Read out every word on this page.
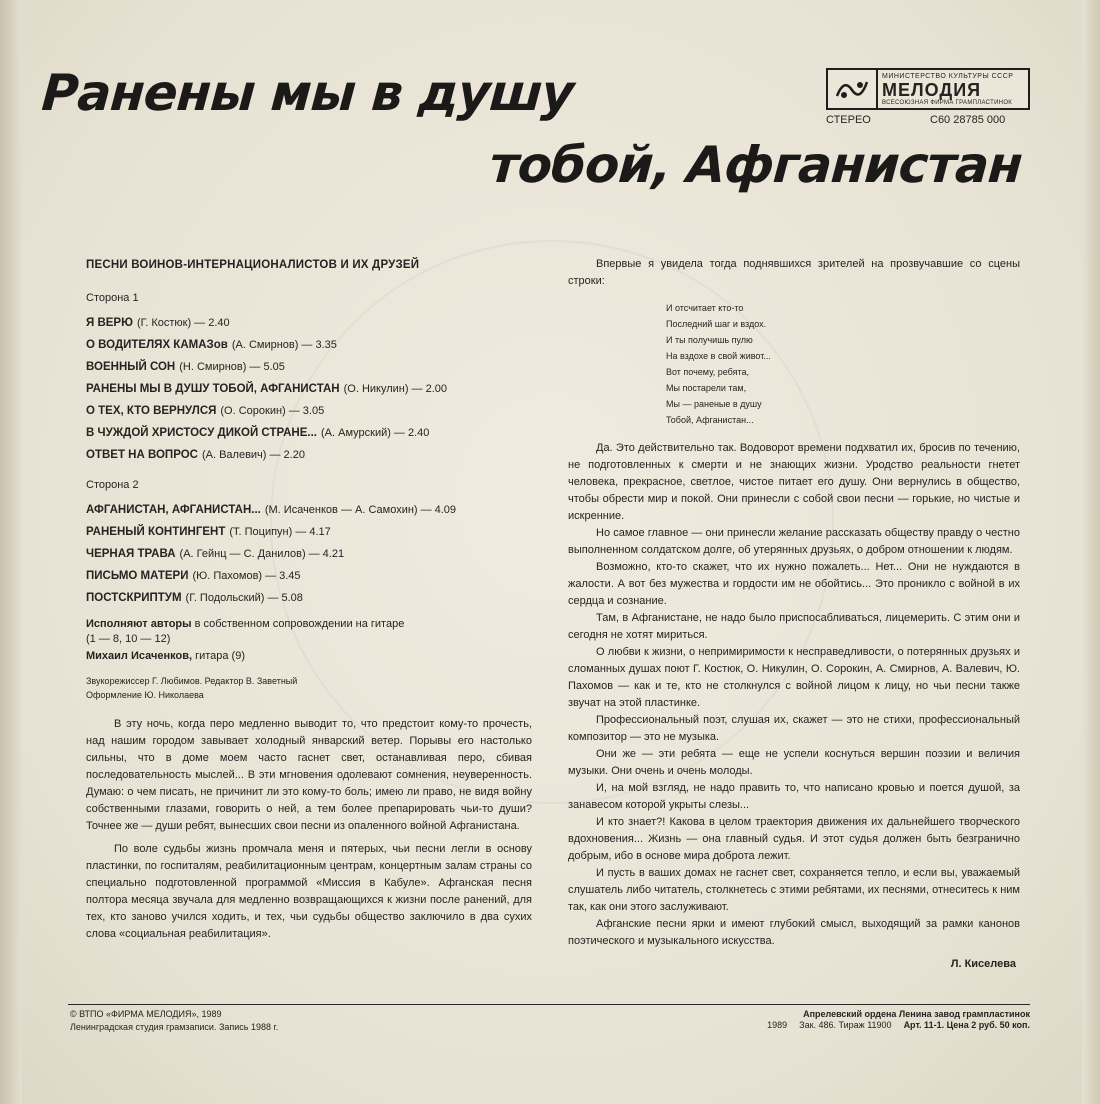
Ранены мы в душу
тобой, Афганистан
МИНИСТЕРСТВО КУЛЬТУРЫ СССР
МЕЛОДИЯ
ВСЕСОЮЗНАЯ ФИРМА ГРАМПЛАСТИНОК
СТЕРЕО	С60 28785 000
ПЕСНИ ВОИНОВ-ИНТЕРНАЦИОНАЛИСТОВ И ИХ ДРУЗЕЙ
Сторона 1
Я ВЕРЮ (Г. Костюк) — 2.40
О ВОДИТЕЛЯХ КАМАЗов (А. Смирнов) — 3.35
ВОЕННЫЙ СОН (Н. Смирнов) — 5.05
РАНЕНЫ МЫ В ДУШУ ТОБОЙ, АФГАНИСТАН (О. Никулин) — 2.00
О ТЕХ, КТО ВЕРНУЛСЯ (О. Сорокин) — 3.05
В ЧУЖДОЙ ХРИСТОСУ ДИКОЙ СТРАНЕ... (А. Амурский) — 2.40
ОТВЕТ НА ВОПРОС (А. Валевич) — 2.20
Сторона 2
АФГАНИСТАН, АФГАНИСТАН... (М. Исаченков — А. Самохин) — 4.09
РАНЕНЫЙ КОНТИНГЕНТ (Т. Поципун) — 4.17
ЧЕРНАЯ ТРАВА (А. Гейнц — С. Данилов) — 4.21
ПИСЬМО МАТЕРИ (Ю. Пахомов) — 3.45
ПОСТСКРИПТУМ (Г. Подольский) — 5.08
Исполняют авторы в собственном сопровождении на гитаре
(1 — 8, 10 — 12)
Михаил Исаченков, гитара (9)
Звукорежиссер Г. Любимов. Редактор В. Заветный
Оформление Ю. Николаева

В эту ночь, когда перо медленно выводит то, что предстоит кому-то прочесть, над нашим городом завывает холодный январский ветер. Порывы его настолько сильны, что в доме моем часто гаснет свет, останавливая перо, сбивая последовательность мыслей... В эти мгновения одолевают сомнения, неуверенность. Думаю: о чем писать, не причинит ли это кому-то боль; имею ли право, не видя войну собственными глазами, говорить о ней, а тем более препарировать чьи-то души? Точнее же — души ребят, вынесших свои песни из опаленного войной Афганистана.

По воле судьбы жизнь промчала меня и пятерых, чьи песни легли в основу пластинки, по госпиталям, реабилитационным центрам, концертным залам страны со специально подготовленной программой «Миссия в Кабуле». Афганская песня полтора месяца звучала для медленно возвращающихся к жизни после ранений, для тех, кто заново учился ходить, и тех, чьи судьбы общество заключило в два сухих слова «социальная реабилитация».

Впервые я увидела тогда поднявшихся зрителей на прозвучавшие со сцены строки:

И отсчитает кто-то
Последний шаг и вздох.
И ты получишь пулю
На вздохе в свой живот...
Вот почему, ребята,
Мы постарели там,
Мы — раненые в душу
Тобой, Афганистан...

Да. Это действительно так. Водоворот времени подхватил их, бросив по течению, не подготовленных к смерти и не знающих жизни. Уродство реальности гнетет человека, прекрасное, светлое, чистое питает его душу. Они вернулись в общество, чтобы обрести мир и покой. Они принесли с собой свои песни — горькие, но чистые и искренние.

Но самое главное — они принесли желание рассказать обществу правду о честно выполненном солдатском долге, об утерянных друзьях, о добром отношении к людям.

Возможно, кто-то скажет, что их нужно пожалеть... Нет... Они не нуждаются в жалости. А вот без мужества и гордости им не обойтись... Это проникло с войной в их сердца и сознание.

Там, в Афганистане, не надо было приспосабливаться, лицемерить. С этим они и сегодня не хотят мириться.

О любви к жизни, о непримиримости к несправедливости, о потерянных друзьях и сломанных душах поют Г. Костюк, О. Никулин, О. Сорокин, А. Смирнов, А. Валевич, Ю. Пахомов — как и те, кто не столкнулся с войной лицом к лицу, но чьи песни также звучат на этой пластинке.

Профессиональный поэт, слушая их, скажет — это не стихи, профессиональный композитор — это не музыка.

Они же — эти ребята — еще не успели коснуться вершин поэзии и величия музыки. Они очень и очень молоды.

И, на мой взгляд, не надо править то, что написано кровью и поется душой, за занавесом которой укрыты слезы...

И кто знает?! Какова в целом траектория движения их дальнейшего творческого вдохновения... Жизнь — она главный судья. И этот судья должен быть безгранично добрым, ибо в основе мира доброта лежит.

И пусть в ваших домах не гаснет свет, сохраняется тепло, и если вы, уважаемый слушатель либо читатель, столкнетесь с этими ребятами, их песнями, отнеситесь к ним так, как они этого заслуживают.

Афганские песни ярки и имеют глубокий смысл, выходящий за рамки канонов поэтического и музыкального искусства.

Л. Киселева
© ВТПО «ФИРМА МЕЛОДИЯ», 1989
Ленинградская студия грамзаписи. Запись 1988 г.
Апрелевский ордена Ленина завод грампластинок
1989 Зак. 486. Тираж 11900 Арт. 11-1. Цена 2 руб. 50 коп.
